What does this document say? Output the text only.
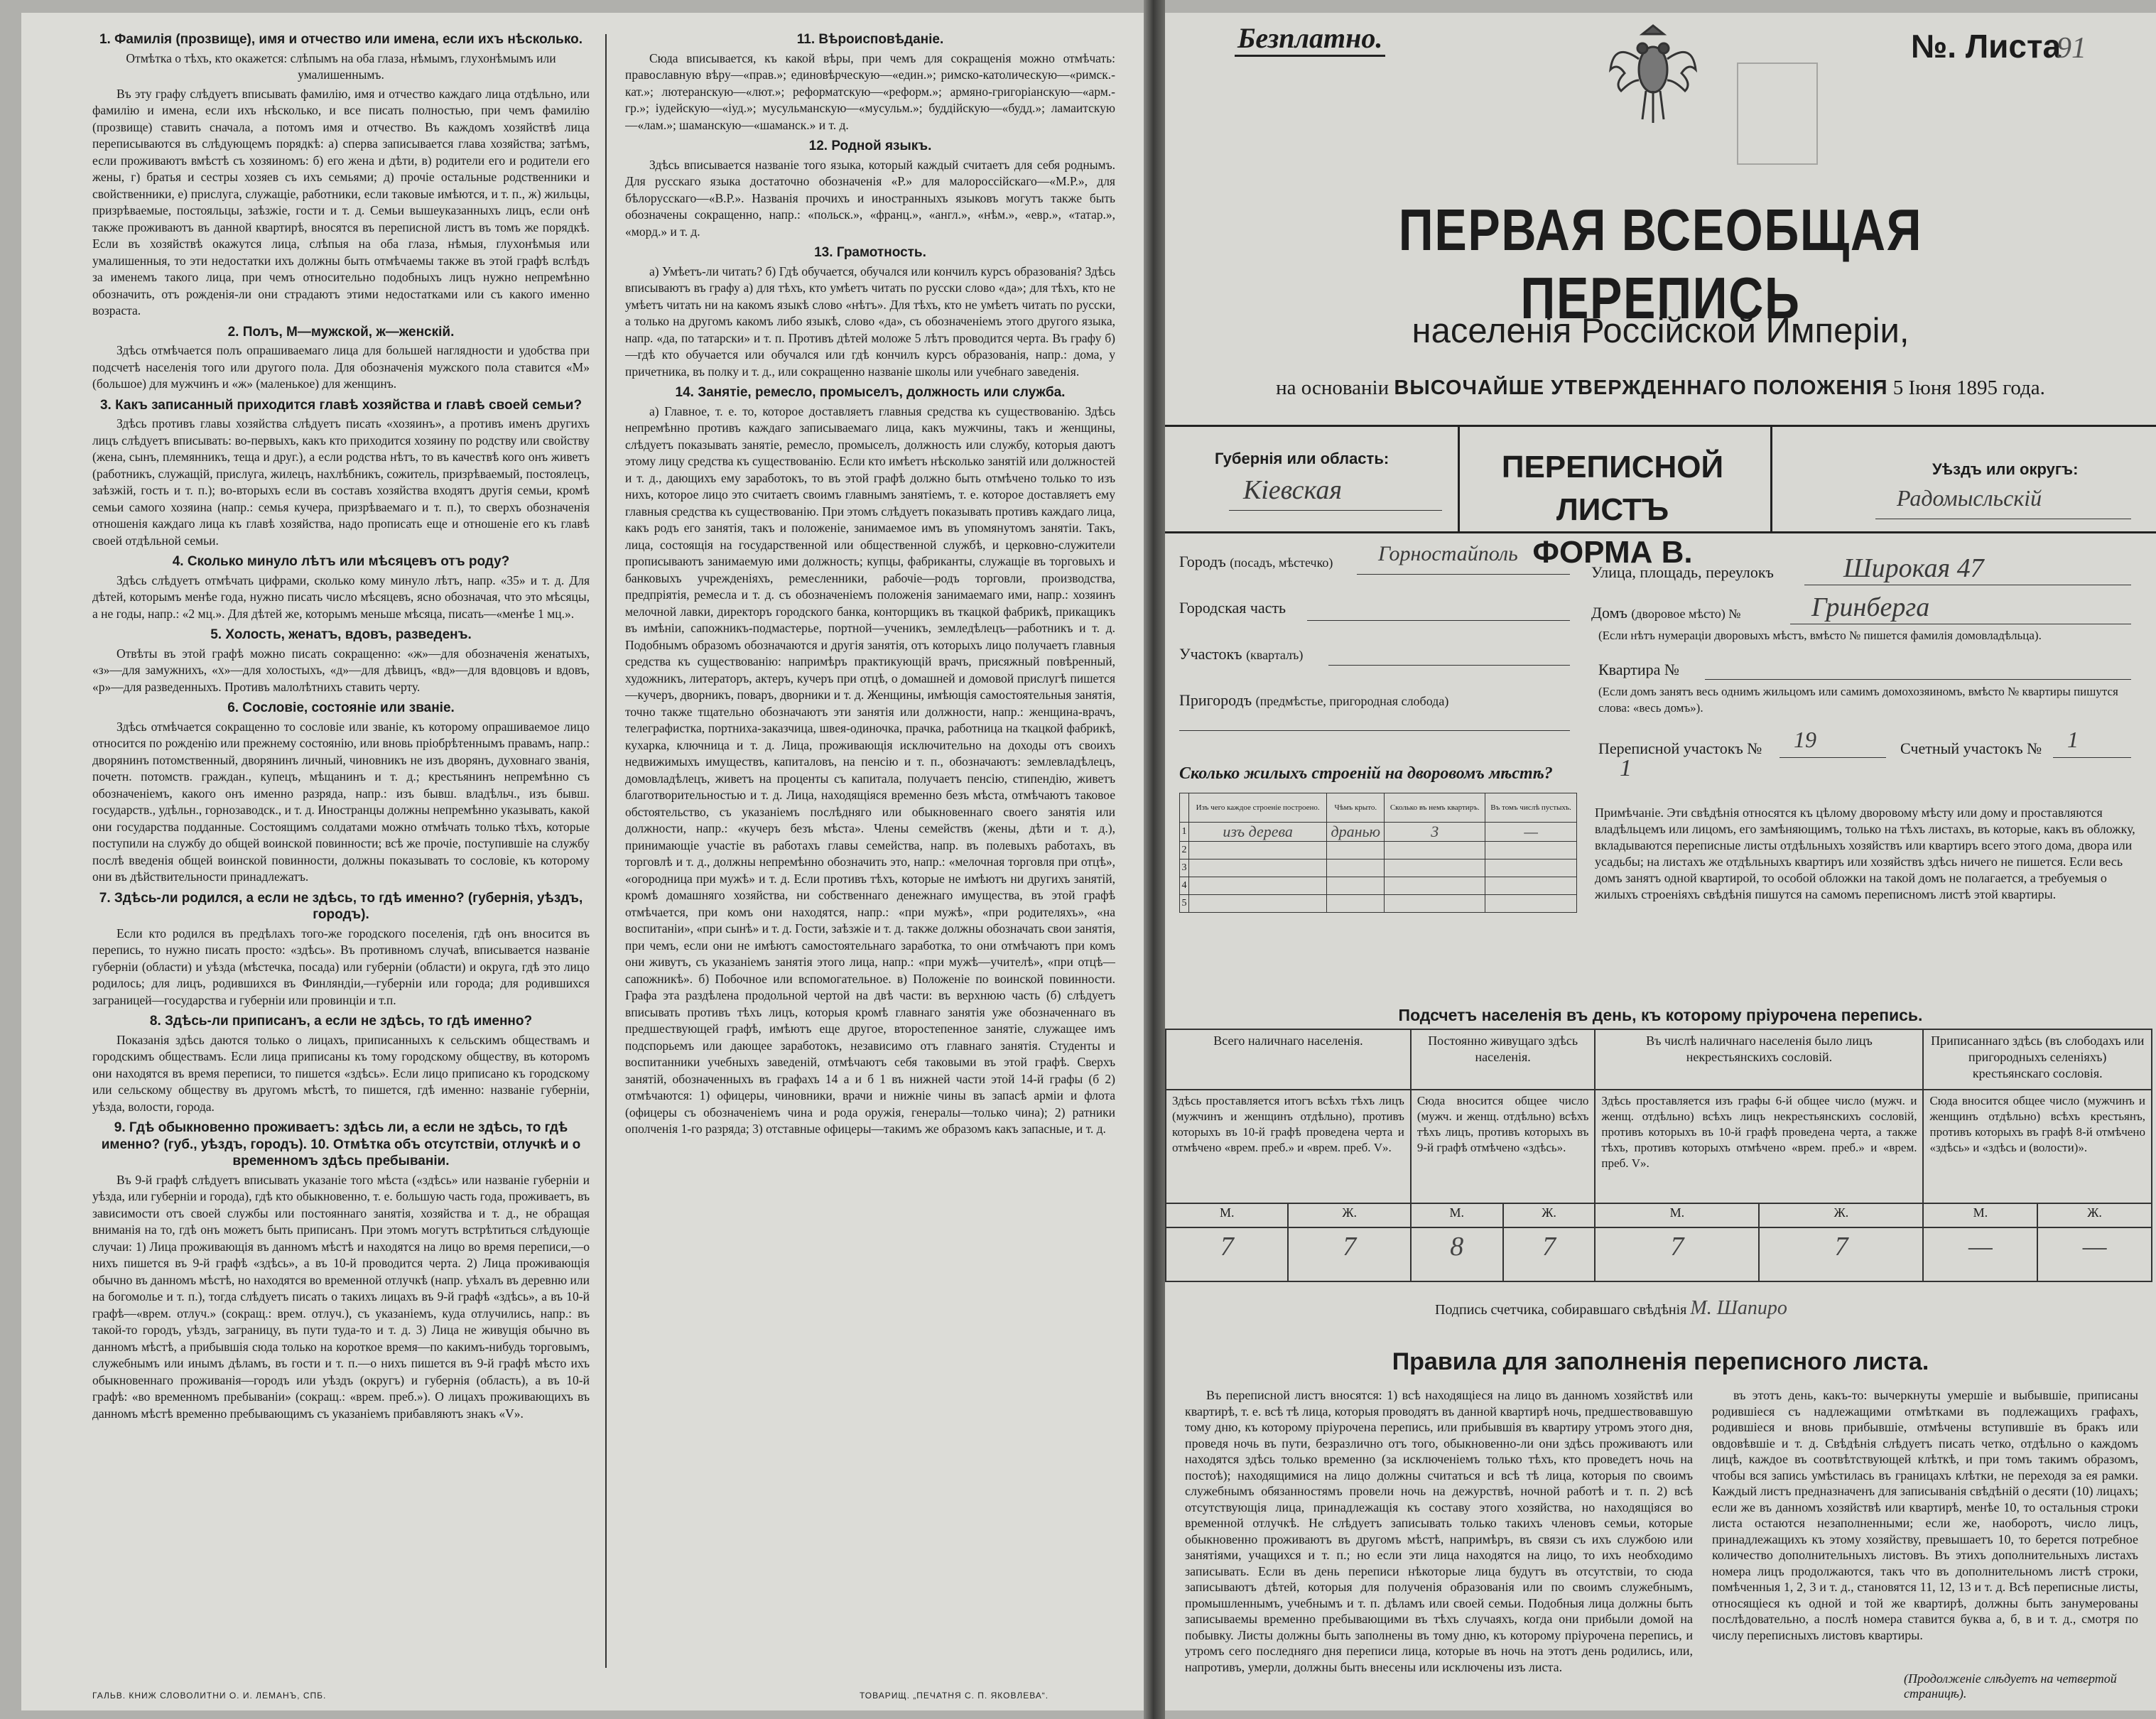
1. Фамилія (прозвище), имя и отчество или имена, если ихъ нѣсколько.
Отмѣтка о тѣхъ, кто окажется: слѣпымъ на оба глаза, нѣмымъ, глухонѣмымъ или умалишеннымъ.

Въ эту графу слѣдуетъ вписывать фамилію, имя и отчество каждаго лица отдѣльно, или фамилію и имена, если ихъ нѣсколько, и все писать полностью, при чемъ фамилію (прозвище) ставить сначала, а потомъ имя и отчество. Въ каждомъ хозяйствѣ лица переписываются въ слѣдующемъ порядкѣ: а) сперва записывается глава хозяйства; затѣмъ, если проживаютъ вмѣстѣ съ хозяиномъ: б) его жена и дѣти, в) родители его и родители его жены, г) братья и сестры хозяев съ ихъ семьями; д) прочіе остальные родственники и свойственники, е) прислуга, служащіе, работники, если таковые имѣются, и т. п., ж) жильцы, призрѣваемые, постояльцы, заѣзжіе, гости и т. д. Семьи вышеуказанныхъ лицъ, если онѣ также проживаютъ въ данной квартирѣ, вносятся въ переписной листъ въ томъ же порядкѣ. Если въ хозяйствѣ окажутся лица, слѣпыя на оба глаза, нѣмыя, глухонѣмыя или умалишенныя, то эти недостатки ихъ должны быть отмѣчаемы также въ этой графѣ вслѣдъ за именемъ такого лица, при чемъ относительно подобныхъ лицъ нужно непремѣнно обозначить, отъ рожденія-ли они страдаютъ этими недостатками или съ какого именно возраста.

2. Полъ, М—мужской, ж—женскій.

Здѣсь отмѣчается полъ опрашиваемаго лица для большей наглядности и удобства при подсчетѣ населенія того или другого пола. Для обозначенія мужского пола ставится «М» (большое) для мужчинъ и «ж» (маленькое) для женщинъ.

3. Какъ записанный приходится главѣ хозяйства и главѣ своей семьи?

Здѣсь противъ главы хозяйства слѣдуетъ писать «хозяинъ», а противъ именъ другихъ лицъ слѣдуетъ вписывать: во-первыхъ, какъ кто приходится хозяину по родству или свойству (жена, сынъ, племянникъ, теща и друг.), а если родства нѣтъ, то въ качествѣ кого онъ живетъ (работникъ, служащій, прислуга, жилецъ, нахлѣбникъ, сожитель, призрѣваемый, постоялецъ, заѣзжій, гость и т. п.); во-вторыхъ если въ составъ хозяйства входятъ другія семьи, кромѣ семьи самого хозяина (напр.: семья кучера, призрѣваемаго и т. п.), то сверхъ обозначенія отношенія каждаго лица къ главѣ хозяйства, надо прописать еще и отношеніе его къ главѣ своей отдѣльной семьи.

4. Сколько минуло лѣтъ или мѣсяцевъ отъ роду?

Здѣсь слѣдуетъ отмѣчать цифрами, сколько кому минуло лѣтъ, напр. «35» и т. д. Для дѣтей, которымъ менѣе года, нужно писать число мѣсяцевъ, ясно обозначая, что это мѣсяцы, а не годы, напр.: «2 мц.». Для дѣтей же, которымъ меньше мѣсяца, писать—«менѣе 1 мц.».

5. Холость, женатъ, вдовъ, разведенъ.

Отвѣты въ этой графѣ можно писать сокращенно: «ж»—для обозначенія женатыхъ, «з»—для замужнихъ, «х»—для холостыхъ, «д»—для дѣвицъ, «вд»—для вдовцовъ и вдовъ, «р»—для разведенныхъ. Противъ малолѣтнихъ ставить черту.

6. Сословіе, состояніе или званіе.

Здѣсь отмѣчается сокращенно то сословіе или званіе, къ которому опрашиваемое лицо относится по рожденію или прежнему состоянію, или вновь пріобрѣтеннымъ правамъ, напр.: дворянинъ потомственный, дворянинъ личный, чиновникъ не изъ дворянъ, духовнаго званія, почетн. потомств. граждан., купецъ, мѣщанинъ и т. д.; крестьянинъ непремѣнно съ обозначеніемъ, какого онъ именно разряда, напр.: изъ бывш. владѣльч., изъ бывш. государств., удѣльн., горнозаводск., и т. д. Иностранцы должны непремѣнно указывать, какой они государства подданные. Состоящимъ солдатами можно отмѣчать только тѣхъ, которые поступили на службу до общей воинской повинности; всѣ же прочіе, поступившіе на службу послѣ введенія общей воинской повинности, должны показывать то сословіе, къ которому они въ дѣйствительности принадлежатъ.

7. Здѣсь-ли родился, а если не здѣсь, то гдѣ именно? (губернія, уѣздъ, городъ).

Если кто родился въ предѣлахъ того-же городского поселенія, гдѣ онъ вносится въ перепись, то нужно писать просто: «здѣсь». Въ противномъ случаѣ, вписывается названіе губерніи (области) и уѣзда (мѣстечка, посада) или губерніи (области) и округа, гдѣ это лицо родилось; для лицъ, родившихся въ Финляндіи,—губерніи или города; для родившихся заграницей—государства и губерніи или провинціи и т.п.

8. Здѣсь-ли приписанъ, а если не здѣсь, то гдѣ именно?

Показанія здѣсь даются только о лицахъ, приписанныхъ к сельскимъ обществамъ и городскимъ обществамъ. Если лица приписаны къ тому городскому обществу, въ которомъ они находятся въ время переписи, то пишется «здѣсь». Если лицо приписано къ городскому или сельскому обществу въ другомъ мѣстѣ, то пишется, гдѣ именно: названіе губерніи, уѣзда, волости, города.

9. Гдѣ обыкновенно проживаетъ: здѣсь ли, а если не здѣсь, то гдѣ именно? (губ., уѣздъ, городъ). 10. Отмѣтка объ отсутствіи, отлучкѣ и о временномъ здѣсь пребываніи.

Въ 9-й графѣ слѣдуетъ вписывать указаніе того мѣста («здѣсь» или названіе губерніи и уѣзда, или губерніи и города), гдѣ кто обыкновенно, т. е. большую часть года, проживаетъ, въ зависимости отъ своей службы или постояннаго занятія, хозяйства и т. д., не обращая вниманія на то, гдѣ онъ можетъ быть приписанъ. При этомъ могутъ встрѣтиться слѣдующіе случаи: 1) Лица проживающія въ данномъ мѣстѣ и находятся на лицо во время переписи,—о нихъ пишется въ 9-й графѣ «здѣсь», а въ 10-й проводится черта. 2) Лица проживающія обычно въ данномъ мѣстѣ, но находятся во временной отлучкѣ (напр. уѣхалъ въ деревню или на богомолье и т. п.), тогда слѣдуетъ писать о такихъ лицахъ въ 9-й графѣ «здѣсь», а въ 10-й графѣ—«врем. отлуч.» (сокращ.: врем. отлуч.), съ указаніемъ, куда отлучились, напр.: въ такой-то городъ, уѣздъ, заграницу, въ пути туда-то и т. д. 3) Лица не живущія обычно въ данномъ мѣстѣ, а прибывшія сюда только на короткое время—по какимъ-нибудь торговымъ, служебнымъ или инымъ дѣламъ, въ гости и т. п.—о нихъ пишется въ 9-й графѣ мѣсто ихъ обыкновеннаго проживанія—городъ или уѣздъ (округъ) и губернія (область), а въ 10-й графѣ: «во временномъ пребываніи» (сокращ.: «врем. преб.»). О лицахъ проживающихъ въ данномъ мѣстѣ временно пребывающимъ съ указаніемъ прибавляютъ знакъ «V».

11. Вѣроисповѣданіе.

Сюда вписывается, къ какой вѣры, при чемъ для сокращенія можно отмѣчать: православную вѣру—«прав.»; единовѣрческую—«един.»; римско-католическую—«римск.-кат.»; лютеранскую—«лют.»; реформатскую—«реформ.»; армяно-григоріанскую—«арм.-гр.»; іудейскую—«іуд.»; мусульманскую—«мусульм.»; буддійскую—«будд.»; ламаитскую—«лам.»; шаманскую—«шаманск.» и т. д.

12. Родной языкъ.

Здѣсь вписывается названіе того языка, который каждый считаетъ для себя роднымъ. Для русскаго языка достаточно обозначенія «Р.» для малороссійскаго—«М.Р.», для бѣлорусскаго—«В.Р.». Названія прочихъ и иностранныхъ языковъ могутъ также быть обозначены сокращенно, напр.: «польск.», «франц.», «англ.», «нѣм.», «евр.», «татар.», «морд.» и т. д.

13. Грамотность.

а) Умѣетъ-ли читать? б) Гдѣ обучается, обучался или кончилъ курсъ образованія? Здѣсь вписываютъ въ графу а) для тѣхъ, кто умѣетъ читать по русски слово «да»; для тѣхъ, кто не умѣетъ читать ни на какомъ языкѣ слово «нѣтъ». Для тѣхъ, кто не умѣетъ читать по русски, а только на другомъ какомъ либо языкѣ, слово «да», съ обозначеніемъ этого другого языка, напр. «да, по татарски» и т. п. Противъ дѣтей моложе 5 лѣтъ проводится черта. Въ графу б)—гдѣ кто обучается или обучался или гдѣ кончилъ курсъ образованія, напр.: дома, у причетника, въ полку и т. д., или сокращенно названіе школы или учебнаго заведенія.

14. Занятіе, ремесло, промыселъ, должность или служба.

а) Главное, т. е. то, которое доставляетъ главныя средства къ существованію. Здѣсь непремѣнно противъ каждаго записываемаго лица, какъ мужчины, такъ и женщины, слѣдуетъ показывать занятіе, ремесло, промыселъ, должность или службу, которыя даютъ этому лицу средства къ существованію. Если кто имѣетъ нѣсколько занятій или должностей и т. д., дающихъ ему заработокъ, то въ этой графѣ должно быть отмѣчено только то изъ нихъ, которое лицо это считаетъ своимъ главнымъ занятіемъ, т. е. которое доставляетъ ему главныя средства къ существованію. При этомъ слѣдуетъ показывать противъ каждаго лица, какъ родъ его занятія, такъ и положеніе, занимаемое имъ въ упомянутомъ занятіи. Такъ, лица, состоящія на государственной или общественной службѣ, и церковно-служители прописываютъ занимаемую ими должность; купцы, фабриканты, служащіе въ торговыхъ и банковыхъ учрежденіяхъ, ремесленники, рабочіе—родъ торговли, производства, предпріятія, ремесла и т. д. съ обозначеніемъ положенія занимаемаго ими, напр.: хозяинъ мелочной лавки, директоръ городского банка, конторщикъ въ ткацкой фабрикѣ, прикащикъ въ имѣніи, сапожникъ-подмастерье, портной—ученикъ, земледѣлецъ—работникъ и т. д. Подобнымъ образомъ обозначаются и другія занятія, отъ которыхъ лицо получаетъ главныя средства къ существованію: напримѣръ практикующій врачъ, присяжный повѣренный, художникъ, литераторъ, актеръ, кучеръ при отцѣ, о домашней и домовой прислугѣ пишется—кучеръ, дворникъ, поваръ, дворники и т. д. Женщины, имѣющія самостоятельныя занятія, точно также тщательно обозначаютъ эти занятія или должности, напр.: женщина-врачъ, телеграфистка, портниха-заказчица, швея-одиночка, прачка, работница на ткацкой фабрикѣ, кухарка, ключница и т. д. Лица, проживающія исключительно на доходы отъ своихъ недвижимыхъ имуществъ, капиталовъ, на пенсію и т. п., обозначаютъ: землевладѣлецъ, домовладѣлецъ, живетъ на проценты съ капитала, получаетъ пенсію, стипендію, живетъ благотворительностью и т. д. Лица, находящіяся временно безъ мѣста, отмѣчаютъ таковое обстоятельство, съ указаніемъ послѣдняго или обыкновеннаго своего занятія или должности, напр.: «кучеръ безъ мѣста». Члены семействъ (жены, дѣти и т. д.), принимающіе участіе въ работахъ главы семейства, напр. въ полевыхъ работахъ, въ торговлѣ и т. д., должны непремѣнно обозначить это, напр.: «мелочная торговля при отцѣ», «огородница при мужѣ» и т. д. Если противъ тѣхъ, которые не имѣютъ ни другихъ занятій, кромѣ домашняго хозяйства, ни собственнаго денежнаго имущества, въ этой графѣ отмѣчается, при комъ они находятся, напр.: «при мужѣ», «при родителяхъ», «на воспитаніи», «при сынѣ» и т. д. Гости, заѣзжіе и т. д. также должны обозначать свои занятія, при чемъ, если они не имѣютъ самостоятельнаго заработка, то они отмѣчаютъ при комъ они живутъ, съ указаніемъ занятія этого лица, напр.: «при мужѣ—учителѣ», «при отцѣ—сапожникѣ». б) Побочное или вспомогательное. в) Положеніе по воинской повинности. Графа эта раздѣлена продольной чертой на двѣ части: въ верхнюю часть (б) слѣдуетъ вписывать противъ тѣхъ лицъ, которыя кромѣ главнаго занятія уже обозначеннаго въ предшествующей графѣ, имѣютъ еще другое, второстепенное занятіе, служащее имъ подспорьемъ или дающее заработокъ, независимо отъ главнаго занятія. Студенты и воспитанники учебныхъ заведеній, отмѣчаютъ себя таковыми въ этой графѣ. Сверхъ занятій, обозначенныхъ въ графахъ 14 а и б 1 въ нижней части этой 14-й графы (б 2) отмѣчаются: 1) офицеры, чиновники, врачи и нижніе чины въ запасѣ арміи и флота (офицеры съ обозначеніемъ чина и рода оружія, генералы—только чина); 2) ратники ополченія 1-го разряда; 3) отставные офицеры—такимъ же образомъ какъ запасные, и т. д.

ГАЛЬВ. КНИЖ СЛОВОЛИТНИ О. И. ЛЕМАНЪ, СПБ.	ТОВАРИЩ. „ПЕЧАТНЯ С. П. ЯКОВЛЕВА“.
Безплатно.	№. Листа
91
ПЕРВАЯ ВСЕОБЩАЯ ПЕРЕПИСЬ
населенія Россійской Имперіи,
на основаніи ВЫСОЧАЙШЕ УТВЕРЖДЕННАГО ПОЛОЖЕНІЯ 5 Іюня 1895 года.
ПЕРЕПИСНОЙ ЛИСТЪ
ФОРМА В.
Губернія или область:
Кіевская
Уѣздъ или округъ:
Радомысльскій
Городъ (посадъ, мѣстечко) Горностайполь
Улица, площадь, переулокъ	Широкая 47
Городская часть	Домъ (дворовое мѣсто) №	Гринберга
(Если нѣтъ нумераціи дворовыхъ мѣстъ, вмѣсто № пишется фамилія домовладѣльца).
Участокъ (кварталъ)
Квартира №
(Если домъ занятъ весь однимъ жильцомъ или самимъ домохозяиномъ, вмѣсто № квартиры пишутся слова: «весь домъ»).
Пригородъ (предмѣстье, пригородная слобода)
Переписной участокъ № 19	Счетный участокъ № 1
Сколько жилыхъ строеній на дворовомъ мѣстѣ?	1
	Изъ чего каждое строеніе построено.	Чѣмъ крыто.	Сколько въ немъ квартиръ.	Въ томъ числѣ пустыхъ.
1	изъ дерева	дранью	3	—
2				
3				
4				
5				
Примѣчаніе. Эти свѣдѣнія относятся къ цѣлому дворовому мѣсту или дому и проставляются владѣльцемъ или лицомъ, его замѣняющимъ, только на тѣхъ листахъ, въ которые, какъ въ обложку, вкладываются переписные листы отдѣльныхъ хозяйствъ или квартиръ всего этого дома, двора или усадьбы; на листахъ же отдѣльныхъ квартиръ или хозяйствъ здѣсь ничего не пишется. Если весь домъ занятъ одной квартирой, то особой обложки на такой домъ не полагается, а требуемыя о жилыхъ строеніяхъ свѣдѣнія пишутся на самомъ переписномъ листѣ этой квартиры.
Подсчетъ населенія въ день, къ которому пріурочена перепись.
Всего наличнаго населенія.		Постоянно живущаго здѣсь населенія.		Въ числѣ наличнаго населенія было лицъ некрестьянскихъ сословій.		Приписаннаго здѣсь (въ слободахъ или пригородныхъ селеніяхъ) крестьянскаго сословія.	
Здѣсь проставляется итогъ всѣхъ тѣхъ лицъ (мужчинъ и женщинъ отдѣльно), противъ которыхъ въ 10-й графѣ проведена черта и отмѣчено «врем. преб.» и «врем. преб. V».		Сюда вносится общее число (мужч. и женщ. отдѣльно) всѣхъ тѣхъ лицъ, противъ которыхъ въ 9-й графѣ отмѣчено «здѣсь».		Здѣсь проставляется изъ графы 6-й общее число (мужч. и женщ. отдѣльно) всѣхъ лицъ некрестьянскихъ сословій, противъ которыхъ въ 10-й графѣ проведена черта, а также тѣхъ, противъ которыхъ отмѣчено «врем. преб.» и «врем. преб. V».		Сюда вносится общее число (мужчинъ и женщинъ отдѣльно) всѣхъ крестьянъ, противъ которыхъ въ графѣ 8-й отмѣчено «здѣсь» и «здѣсь и (волости)».	
М.	Ж.	М.	Ж.	М.	Ж.	М.	Ж.
7	7	8	7	7	7	—	—
Подпись счетчика, собиравшаго свѣдѣнія М. Шапиро
Правила для заполненія переписного листа.

Въ переписной листъ вносятся: 1) всѣ находящіеся на лицо въ данномъ хозяйствѣ или квартирѣ, т. е. всѣ тѣ лица, которыя проводятъ въ данной квартирѣ ночь, предшествовавшую тому дню, къ которому пріурочена перепись, или прибывшія въ квартиру утромъ этого дня, проведя ночь въ пути, безразлично отъ того, обыкновенно-ли они здѣсь проживаютъ или находятся здѣсь только временно (за исключеніемъ только тѣхъ, кто проведетъ ночь на постоѣ); находящимися на лицо должны считаться и всѣ тѣ лица, которыя по своимъ служебнымъ обязанностямъ провели ночь на дежурствѣ, ночной работѣ и т. п. 2) всѣ отсутствующія лица, принадлежащія къ составу этого хозяйства, но находящіяся во временной отлучкѣ. Не слѣдуетъ записывать только такихъ членовъ семьи, которые обыкновенно проживаютъ въ другомъ мѣстѣ, напримѣръ, въ связи съ ихъ службою или занятіями, учащихся и т. п.; но если эти лица находятся на лицо, то ихъ необходимо записывать. Если въ день переписи нѣкоторые лица будутъ въ отсутствіи, то сюда записываютъ дѣтей, которыя для полученія образованія или по своимъ служебнымъ, промышленнымъ, учебнымъ и т. п. дѣламъ или своей семьи. Подобныя лица должны быть записываемы временно пребывающими въ тѣхъ случаяхъ, когда они прибыли домой на побывку. Листы должны быть заполнены въ тому дню, къ которому пріурочена перепись, и утромъ сего последняго дня переписи лица, которые въ ночь на этотъ день родились, или, напротивъ, умерли, должны быть внесены или исключены изъ листа.

въ этотъ день, какъ-то: вычеркнуты умершіе и выбывшіе, приписаны родившіеся съ надлежащими отмѣтками въ подлежащихъ графахъ, родившіеся и вновь прибывшіе, отмѣчены вступившіе въ бракъ или овдовѣвшіе и т. д. Свѣдѣнія слѣдуетъ писать четко, отдѣльно о каждомъ лицѣ, каждое въ соотвѣтствующей клѣткѣ, и при томъ такимъ образомъ, чтобы вся запись умѣстилась въ границахъ клѣтки, не переходя за ея рамки. Каждый листъ предназначенъ для записыванія свѣдѣній о десяти (10) лицахъ; если же въ данномъ хозяйствѣ или квартирѣ, менѣе 10, то остальныя строки листа остаются незаполненными; если же, наоборотъ, число лицъ, принадлежащихъ къ этому хозяйству, превышаетъ 10, то берется потребное количество дополнительныхъ листовъ. Въ этихъ дополнительныхъ листахъ номера лицъ продолжаются, такъ что въ дополнительномъ листѣ строки, помѣченныя 1, 2, 3 и т. д., становятся 11, 12, 13 и т. д. Всѣ переписные листы, относящіеся къ одной и той же квартирѣ, должны быть занумерованы послѣдовательно, а послѣ номера ставится буква а, б, в и т. д., смотря по числу переписныхъ листовъ квартиры.

(Продолженіе слѣдуетъ на четвертой страницѣ).
